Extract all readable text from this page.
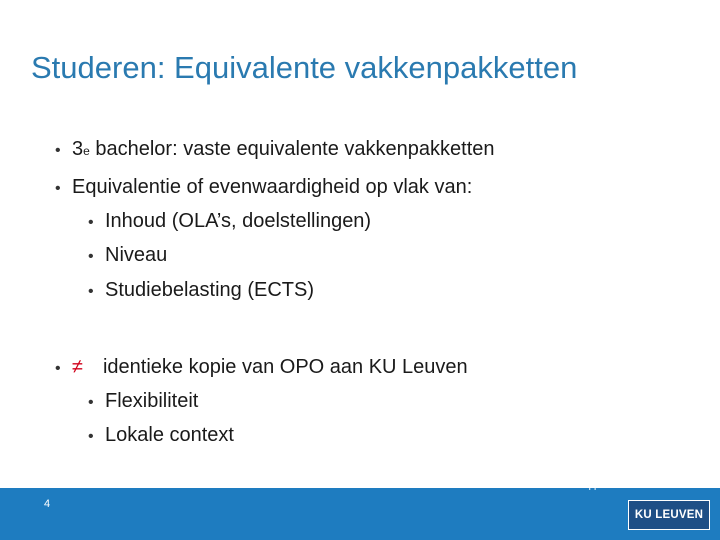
Studeren: Equivalente vakkenpakketten
• 3 e bachelor: vaste equivalente vakkenpakketten
• Equivalentie of evenwaardigheid op vlak van:
• Inhoud (OLA’s, doelstellingen)
• Niveau
• Studiebelasting (ECTS)
• ≠ identieke kopie van OPO aan KU Leuven
• Flexibiliteit
• Lokale context
4
Faculteit Wetenschappen
KU LEUVEN
